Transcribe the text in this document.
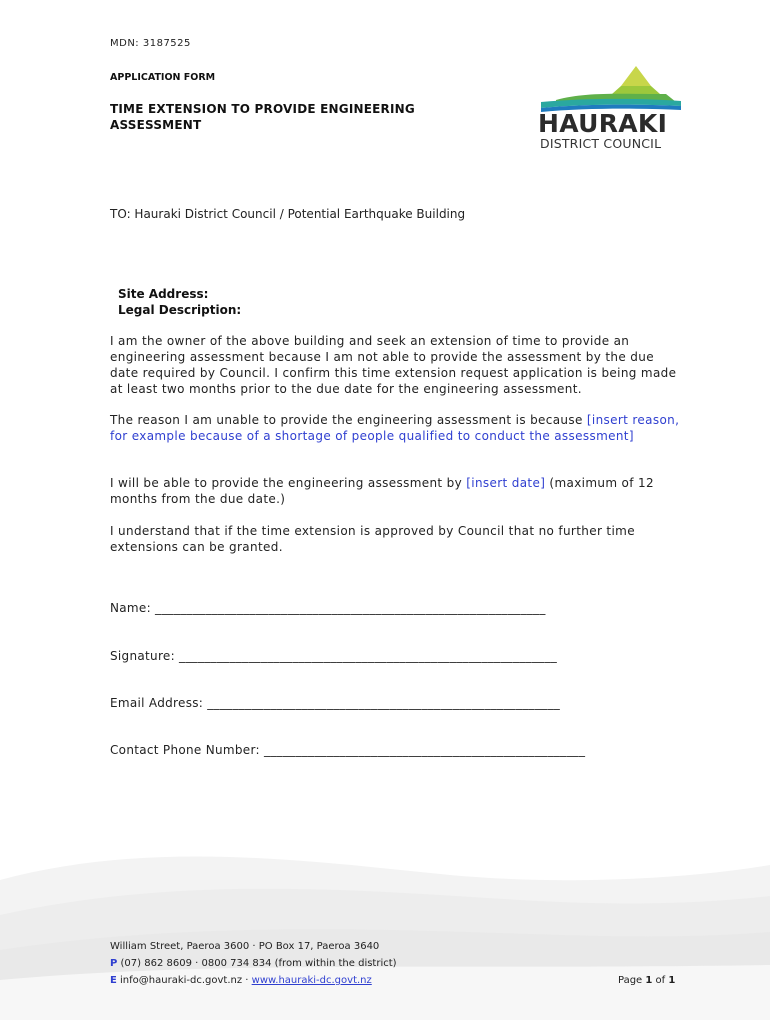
MDN: 3187525
APPLICATION FORM
TIME EXTENSION TO PROVIDE ENGINEERING ASSESSMENT	HAURAKI
DISTRICT COUNCIL
TO: Hauraki District Council / Potential Earthquake Building
Site Address:
Legal Description:
I am the owner of the above building and seek an extension of time to provide an engineering assessment because I am not able to provide the assessment by the due date required by Council. I confirm this time extension request application is being made at least two months prior to the due date for the engineering assessment.
The reason I am unable to provide the engineering assessment is because [insert reason, for example because of a shortage of people qualified to conduct the assessment]
I will be able to provide the engineering assessment by [insert date] (maximum of 12 months from the due date.)
I understand that if the time extension is approved by Council that no further time extensions can be granted.
Name: ______________________________________________________________
Signature: ____________________________________________________________
Email Address: ________________________________________________________
Contact Phone Number: ___________________________________________________
William Street, Paeroa 3600 · PO Box 17, Paeroa 3640
P (07) 862 8609 · 0800 734 834 (from within the district)
E info@hauraki-dc.govt.nz · www.hauraki-dc.govt.nz	Page 1 of 1
